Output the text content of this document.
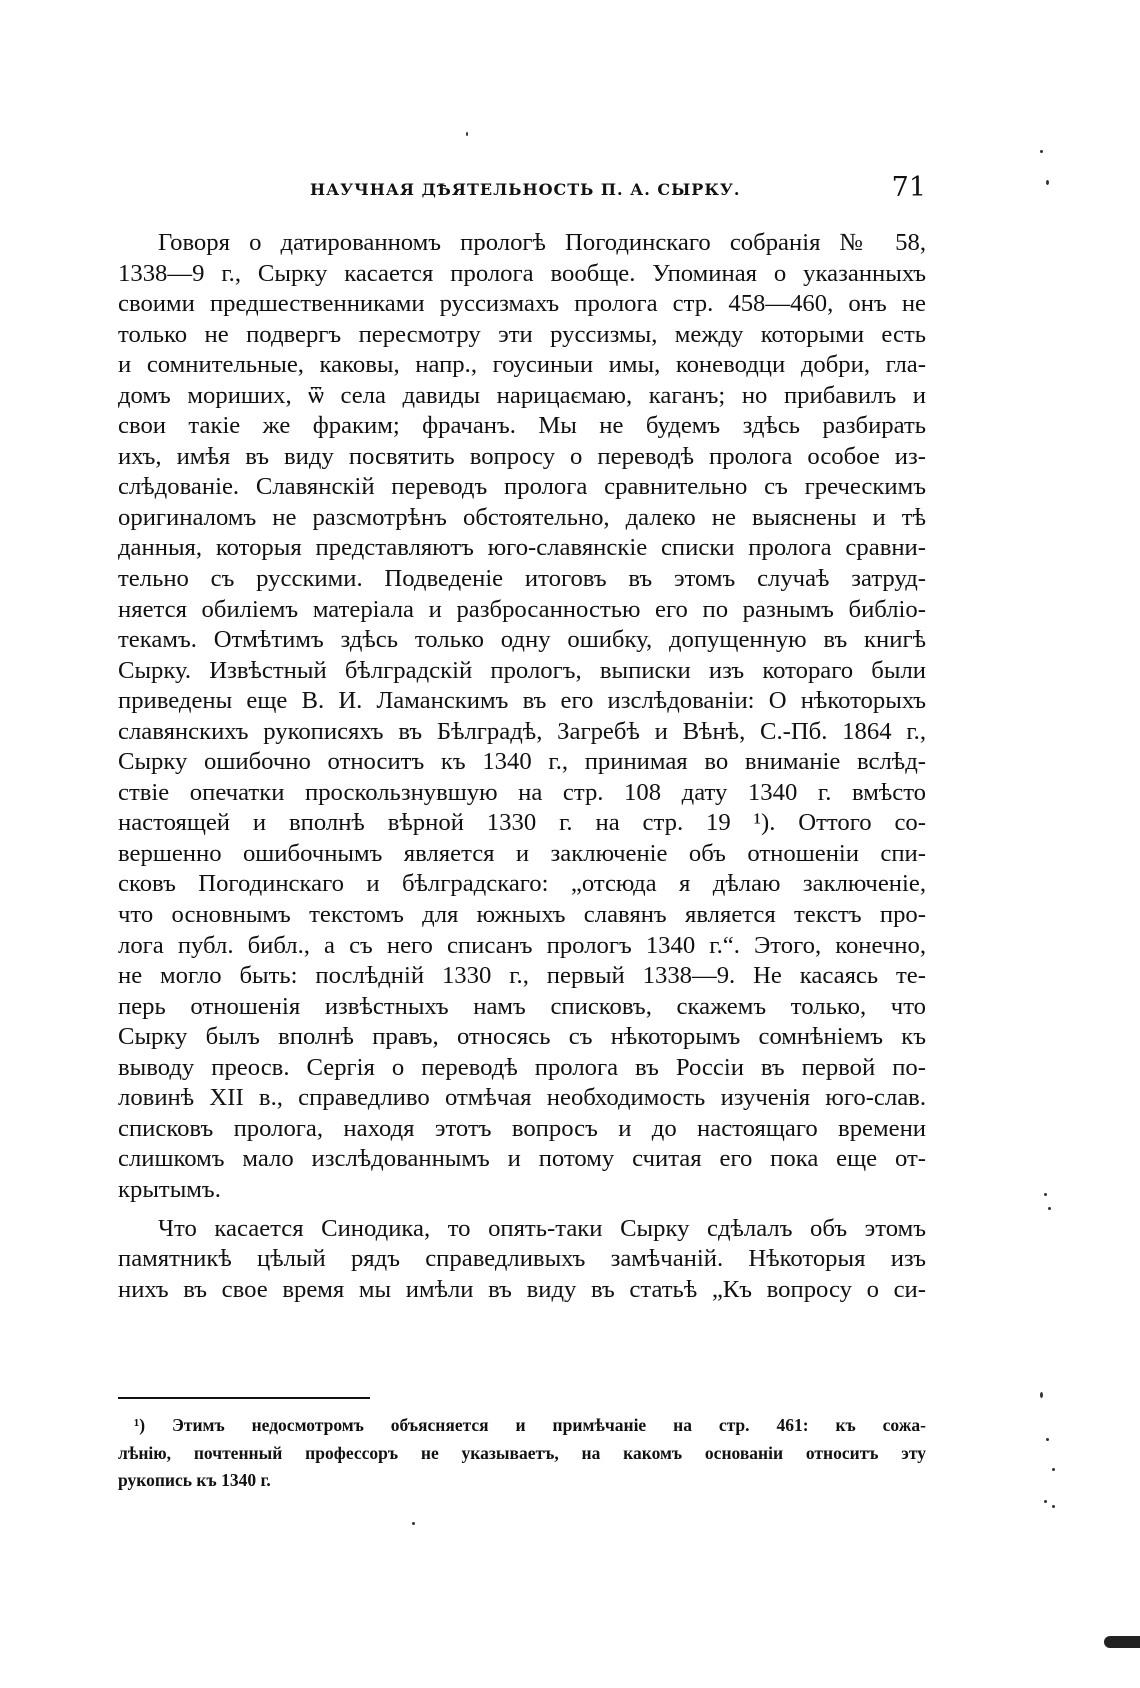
НАУЧНАЯ ДѢЯТЕЛЬНОСТЬ П. А. СЫРКУ.	71
Говоря о датированномъ прологѣ Погодинскаго собранія № 58,
1338—9 г., Сырку касается пролога вообще. Упоминая о указанныхъ
своими предшественниками руссизмахъ пролога стр. 458—460, онъ не
только не подвергъ пересмотру эти руссизмы, между которыми есть
и сомнительные, каковы, напр., гоусиныи имы, коневодци добри, гла-
домъ мориших, ѿ села давиды нарицаємаю, каганъ; но прибавилъ и
свои такіе же фраким; фрачанъ. Мы не будемъ здѣсь разбирать
ихъ, имѣя въ виду посвятить вопросу о переводѣ пролога особое из-
слѣдованіе. Славянскій переводъ пролога сравнительно съ греческимъ
оригиналомъ не разсмотрѣнъ обстоятельно, далеко не выяснены и тѣ
данныя, которыя представляютъ юго-славянскіе списки пролога сравни-
тельно съ русскими. Подведеніе итоговъ въ этомъ случаѣ затруд-
няется обиліемъ матеріала и разбросанностью его по разнымъ библіо-
текамъ. Отмѣтимъ здѣсь только одну ошибку, допущенную въ книгѣ
Сырку. Извѣстный бѣлградскій прологъ, выписки изъ котораго были
приведены еще В. И. Ламанскимъ въ его изслѣдованіи: О нѣкоторыхъ
славянскихъ рукописяхъ въ Бѣлградѣ, Загребѣ и Вѣнѣ, С.-Пб. 1864 г.,
Сырку ошибочно относитъ къ 1340 г., принимая во вниманіе вслѣд-
ствіе опечатки проскользнувшую на стр. 108 дату 1340 г. вмѣсто
настоящей и вполнѣ вѣрной 1330 г. на стр. 19 ¹). Оттого со-
вершенно ошибочнымъ является и заключеніе объ отношеніи спи-
сковъ Погодинскаго и бѣлградскаго: „отсюда я дѣлаю заключеніе,
что основнымъ текстомъ для южныхъ славянъ является текстъ про-
лога публ. библ., а съ него списанъ прологъ 1340 г.“. Этого, конечно,
не могло быть: послѣдній 1330 г., первый 1338—9. Не касаясь те-
перь отношенія извѣстныхъ намъ списковъ, скажемъ только, что
Сырку былъ вполнѣ правъ, относясь съ нѣкоторымъ сомнѣніемъ къ
выводу преосв. Сергія о переводѣ пролога въ Россіи въ первой по-
ловинѣ XII в., справедливо отмѣчая необходимость изученія юго-слав.
списковъ пролога, находя этотъ вопросъ и до настоящаго времени
слишкомъ мало изслѣдованнымъ и потому считая его пока еще от-
крытымъ.
Что касается Синодика, то опять-таки Сырку сдѣлалъ объ этомъ
памятникѣ цѣлый рядъ справедливыхъ замѣчаній. Нѣкоторыя изъ
нихъ въ свое время мы имѣли въ виду въ статьѣ „Къ вопросу о си-
¹) Этимъ недосмотромъ объясняется и примѣчаніе на стр. 461: къ сожа-
лѣнію, почтенный профессоръ не указываетъ, на какомъ основаніи относитъ эту
рукопись къ 1340 г.
